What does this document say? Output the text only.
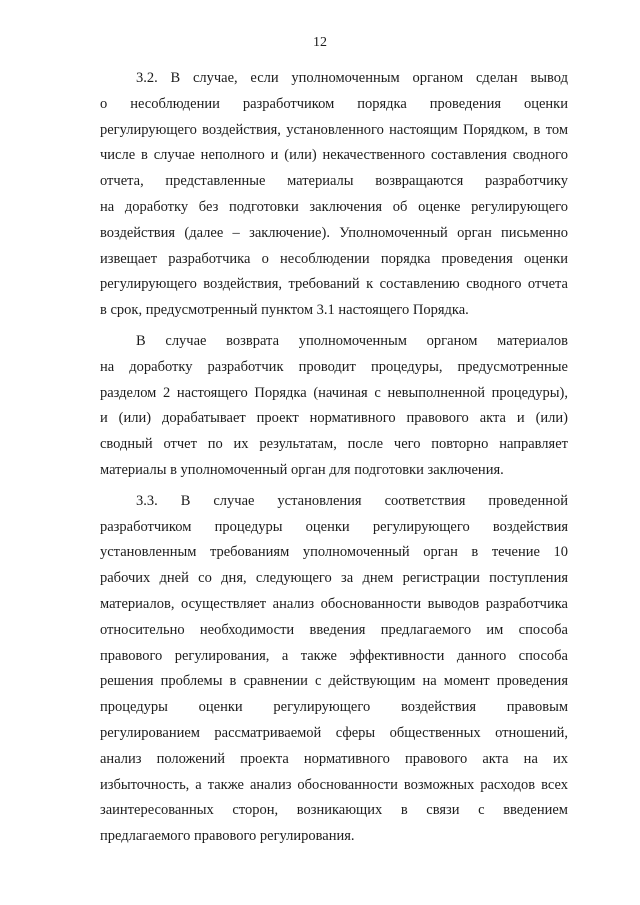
12
3.2. В случае, если уполномоченным органом сделан вывод
о несоблюдении разработчиком порядка проведения оценки
регулирующего воздействия, установленного настоящим Порядком, в том
числе в случае неполного и (или) некачественного составления сводного
отчета, представленные материалы возвращаются разработчику
на доработку без подготовки заключения об оценке регулирующего
воздействия (далее – заключение). Уполномоченный орган письменно
извещает разработчика о несоблюдении порядка проведения оценки
регулирующего воздействия, требований к составлению сводного отчета
в срок, предусмотренный пунктом 3.1 настоящего Порядка.
В случае возврата уполномоченным органом материалов
на доработку разработчик проводит процедуры, предусмотренные
разделом 2 настоящего Порядка (начиная с невыполненной процедуры),
и (или) дорабатывает проект нормативного правового акта и (или)
сводный отчет по их результатам, после чего повторно направляет
материалы в уполномоченный орган для подготовки заключения.
3.3. В случае установления соответствия проведенной
разработчиком процедуры оценки регулирующего воздействия
установленным требованиям уполномоченный орган в течение 10
рабочих дней со дня, следующего за днем регистрации поступления
материалов, осуществляет анализ обоснованности выводов разработчика
относительно необходимости введения предлагаемого им способа
правового регулирования, а также эффективности данного способа
решения проблемы в сравнении с действующим на момент проведения
процедуры оценки регулирующего воздействия правовым
регулированием рассматриваемой сферы общественных отношений,
анализ положений проекта нормативного правового акта на их
избыточность, а также анализ обоснованности возможных расходов всех
заинтересованных сторон, возникающих в связи с введением
предлагаемого правового регулирования.
